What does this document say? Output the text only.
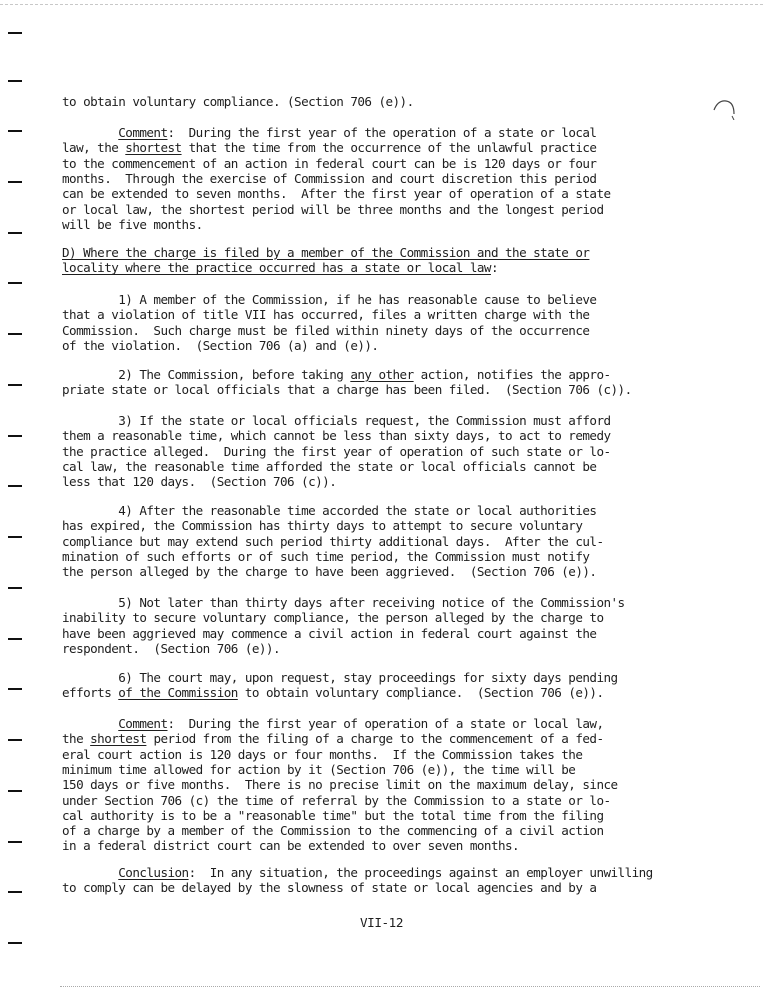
to obtain voluntary compliance. (Section 706 (e)).
Comment:  During the first year of the operation of a state or local
law, the shortest that the time from the occurrence of the unlawful practice
to the commencement of an action in federal court can be is 120 days or four
months.  Through the exercise of Commission and court discretion this period
can be extended to seven months.  After the first year of operation of a state
or local law, the shortest period will be three months and the longest period
will be five months.
D) Where the charge is filed by a member of the Commission and the state or
locality where the practice occurred has a state or local law:
1) A member of the Commission, if he has reasonable cause to believe
that a violation of title VII has occurred, files a written charge with the
Commission.  Such charge must be filed within ninety days of the occurrence
of the violation.  (Section 706 (a) and (e)).
2) The Commission, before taking any other action, notifies the appro-
priate state or local officials that a charge has been filed.  (Section 706 (c)).
3) If the state or local officials request, the Commission must afford
them a reasonable time, which cannot be less than sixty days, to act to remedy
the practice alleged.  During the first year of operation of such state or lo-
cal law, the reasonable time afforded the state or local officials cannot be
less that 120 days.  (Section 706 (c)).
4) After the reasonable time accorded the state or local authorities
has expired, the Commission has thirty days to attempt to secure voluntary
compliance but may extend such period thirty additional days.  After the cul-
mination of such efforts or of such time period, the Commission must notify
the person alleged by the charge to have been aggrieved.  (Section 706 (e)).
5) Not later than thirty days after receiving notice of the Commission's
inability to secure voluntary compliance, the person alleged by the charge to
have been aggrieved may commence a civil action in federal court against the
respondent.  (Section 706 (e)).
6) The court may, upon request, stay proceedings for sixty days pending
efforts of the Commission to obtain voluntary compliance.  (Section 706 (e)).
Comment:  During the first year of operation of a state or local law,
the shortest period from the filing of a charge to the commencement of a fed-
eral court action is 120 days or four months.  If the Commission takes the
minimum time allowed for action by it (Section 706 (e)), the time will be
150 days or five months.  There is no precise limit on the maximum delay, since
under Section 706 (c) the time of referral by the Commission to a state or lo-
cal authority is to be a "reasonable time" but the total time from the filing
of a charge by a member of the Commission to the commencing of a civil action
in a federal district court can be extended to over seven months.
Conclusion:  In any situation, the proceedings against an employer unwilling
to comply can be delayed by the slowness of state or local agencies and by a
VII-12
